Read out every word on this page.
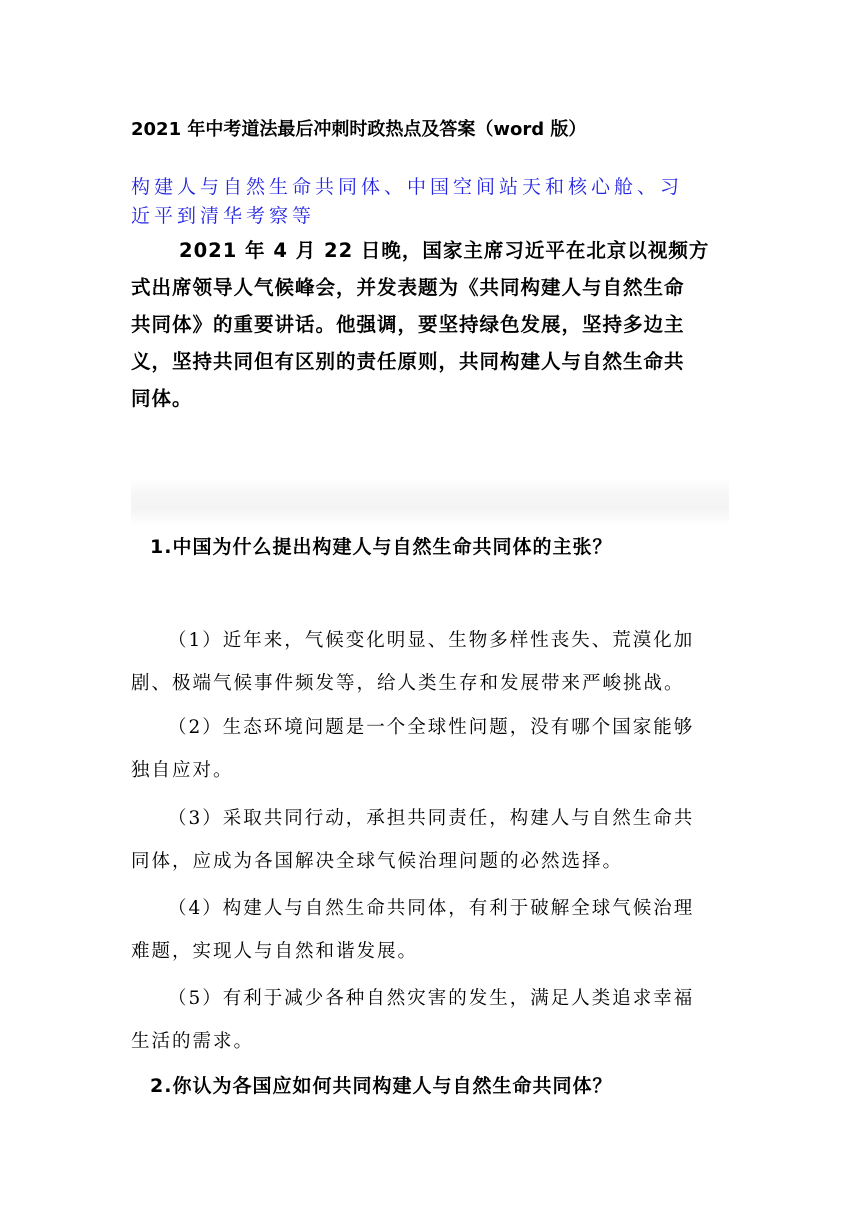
2021 年中考道法最后冲刺时政热点及答案（word 版）
构建人与自然生命共同体、中国空间站天和核心舱、习
近平到清华考察等
2021 年 4 月 22 日晚，国家主席习近平在北京以视频方
式出席领导人气候峰会，并发表题为《共同构建人与自然生命
共同体》的重要讲话。他强调，要坚持绿色发展，坚持多边主
义，坚持共同但有区别的责任原则，共同构建人与自然生命共
同体。
1.中国为什么提出构建人与自然生命共同体的主张？
（1）近年来，气候变化明显、生物多样性丧失、荒漠化加
剧、极端气候事件频发等，给人类生存和发展带来严峻挑战。
（2）生态环境问题是一个全球性问题，没有哪个国家能够
独自应对。
（3）采取共同行动，承担共同责任，构建人与自然生命共
同体，应成为各国解决全球气候治理问题的必然选择。
（4）构建人与自然生命共同体，有利于破解全球气候治理
难题，实现人与自然和谐发展。
（5）有利于减少各种自然灾害的发生，满足人类追求幸福
生活的需求。
2.你认为各国应如何共同构建人与自然生命共同体？
